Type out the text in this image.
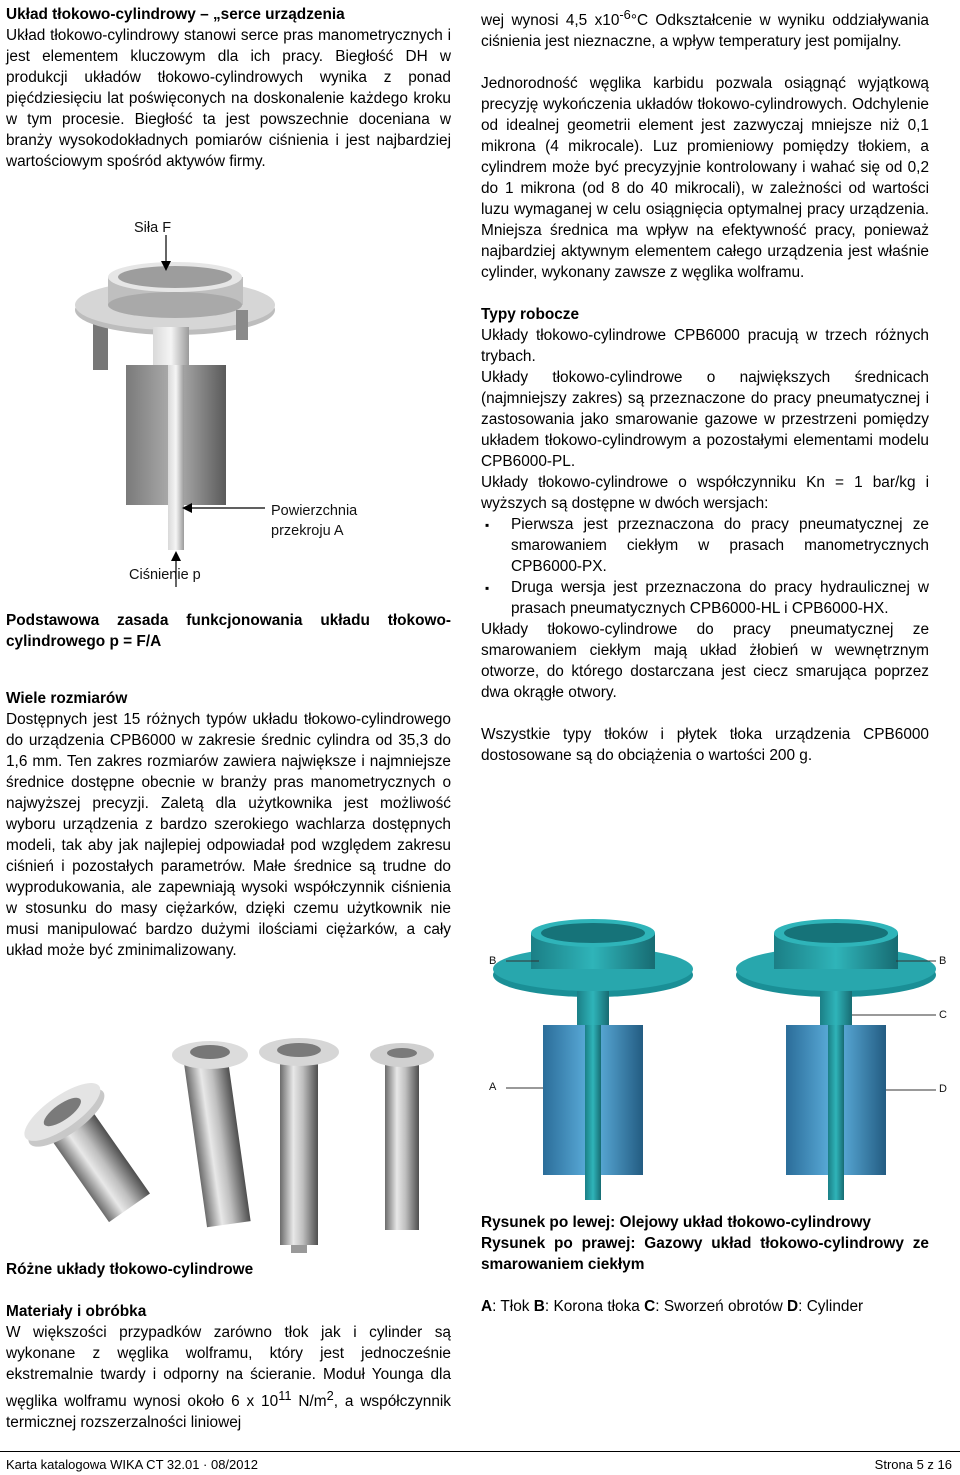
Układ tłokowo-cylindrowy – „serce urządzenia

Układ tłokowo-cylindrowy stanowi serce pras manometrycznych i jest elementem kluczowym dla ich pracy. Biegłość DH w produkcji układów tłokowo-cylindrowych wynika z ponad pięćdziesięciu lat poświęconych na doskonalenie każdego kroku w tym procesie. Biegłość ta jest powszechnie doceniana w branży wysokodokładnych pomiarów ciśnienia i jest najbardziej wartościowym spośród aktywów firmy.

Siła F
Powierzchnia
przekroju A
Ciśnienie p

Podstawowa zasada funkcjonowania układu tłokowo-cylindrowego p = F/A

Wiele rozmiarów

Dostępnych jest 15 różnych typów układu tłokowo-cylindrowego do urządzenia CPB6000 w zakresie średnic cylindra od 35,3 do 1,6 mm. Ten zakres rozmiarów zawiera największe i najmniejsze średnice dostępne obecnie w branży pras manometrycznych o najwyższej precyzji. Zaletą dla użytkownika jest możliwość wyboru urządzenia z bardzo szerokiego wachlarza dostępnych modeli, tak aby jak najlepiej odpowiadał pod względem zakresu ciśnień i pozostałych parametrów. Małe średnice są trudne do wyprodukowania, ale zapewniają wysoki współczynnik ciśnienia w stosunku do masy ciężarków, dzięki czemu użytkownik nie musi manipulować bardzo dużymi ilościami ciężarków, a cały układ może być zminimalizowany.

Różne układy tłokowo-cylindrowe

Materiały i obróbka

W większości przypadków zarówno tłok jak i cylinder są wykonane z węglika wolframu, który jest jednocześnie ekstremalnie twardy i odporny na ścieranie. Moduł Younga dla węglika wolframu wynosi około 6 x $10^{11}$ $N/m^2$, a współczynnik termicznej rozszerzalności liniowej

wej wynosi 4,5 $x10^{-6}^\circ C$ Odkształcenie w wyniku oddziaływania ciśnienia jest nieznaczne, a wpływ temperatury jest pomijalny.

Jednorodność węglika karbidu pozwala osiągnąć wyjątkową precyzję wykończenia układów tłokowo-cylindrowych. Odchylenie od idealnej geometrii element jest zazwyczaj mniejsze niż 0,1 mikrona (4 mikrocale). Luz promieniowy pomiędzy tłokiem, a cylindrem może być precyzyjnie kontrolowany i wahać się od 0,2 do 1 mikrona (od 8 do 40 mikrocali), w zależności od wartości luzu wymaganej w celu osiągnięcia optymalnej pracy urządzenia. Mniejsza średnica ma wpływ na efektywność pracy, ponieważ najbardziej aktywnym elementem całego urządzenia jest właśnie cylinder, wykonany zawsze z węglika wolframu.

Typy robocze

Układy tłokowo-cylindrowe CPB6000 pracują w trzech różnych trybach.

Układy tłokowo-cylindrowe o największych średnicach (najmniejszy zakres) są przeznaczone do pracy pneumatycznej i zastosowania jako smarowanie gazowe w przestrzeni pomiędzy układem tłokowo-cylindrowym a pozostałymi elementami modelu CPB6000-PL.

Układy tłokowo-cylindrowe o współczynniku Kn = 1 bar/kg i wyższych są dostępne w dwóch wersjach:

▪ Pierwsza jest przeznaczona do pracy pneumatycznej ze smarowaniem ciekłym w prasach manometrycznych CPB6000-PX.
▪ Druga wersja jest przeznaczona do pracy hydraulicznej w prasach pneumatycznych CPB6000-HL i CPB6000-HX.

Układy tłokowo-cylindrowe do pracy pneumatycznej ze smarowaniem ciekłym mają układ żłobień w wewnętrznym otworze, do którego dostarczana jest ciecz smarująca poprzez dwa okrągłe otwory.

Wszystkie typy tłoków i płytek tłoka urządzenia CPB6000 dostosowane są do obciążenia o wartości 200 g.

B
A
B
C
D

Rysunek po lewej: Olejowy układ tłokowo-cylindrowy

Rysunek po prawej: Gazowy układ tłokowo-cylindrowy ze smarowaniem ciekłym

A: Tłok B: Korona tłoka C: Sworzeń obrotów D: Cylinder

Karta katalogowa WIKA CT 32.01 · 08/2012	Strona 5 z 16
